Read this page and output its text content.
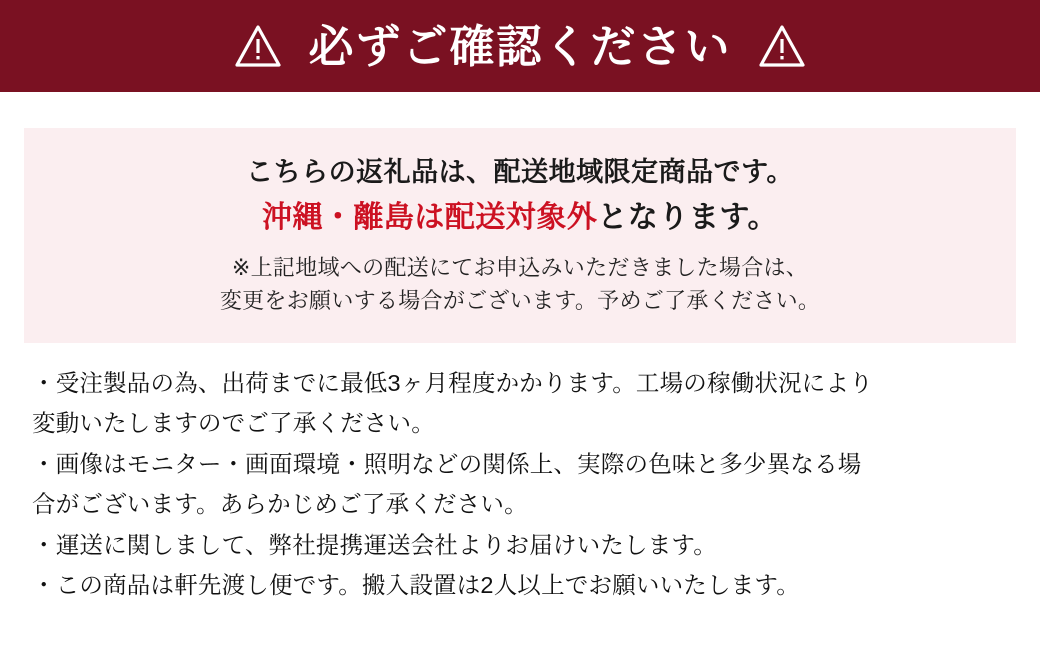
必ずご確認ください
こちらの返礼品は、配送地域限定商品です。
沖縄・離島は配送対象外となります。
※上記地域への配送にてお申込みいただきました場合は、
変更をお願いする場合がございます。予めご了承ください。
・受注製品の為、出荷までに最低3ヶ月程度かかります。工場の稼働状況により
変動いたしますのでご了承ください。
・画像はモニター・画面環境・照明などの関係上、実際の色味と多少異なる場
合がございます。あらかじめご了承ください。
・運送に関しまして、弊社提携運送会社よりお届けいたします。
・この商品は軒先渡し便です。搬入設置は2人以上でお願いいたします。
